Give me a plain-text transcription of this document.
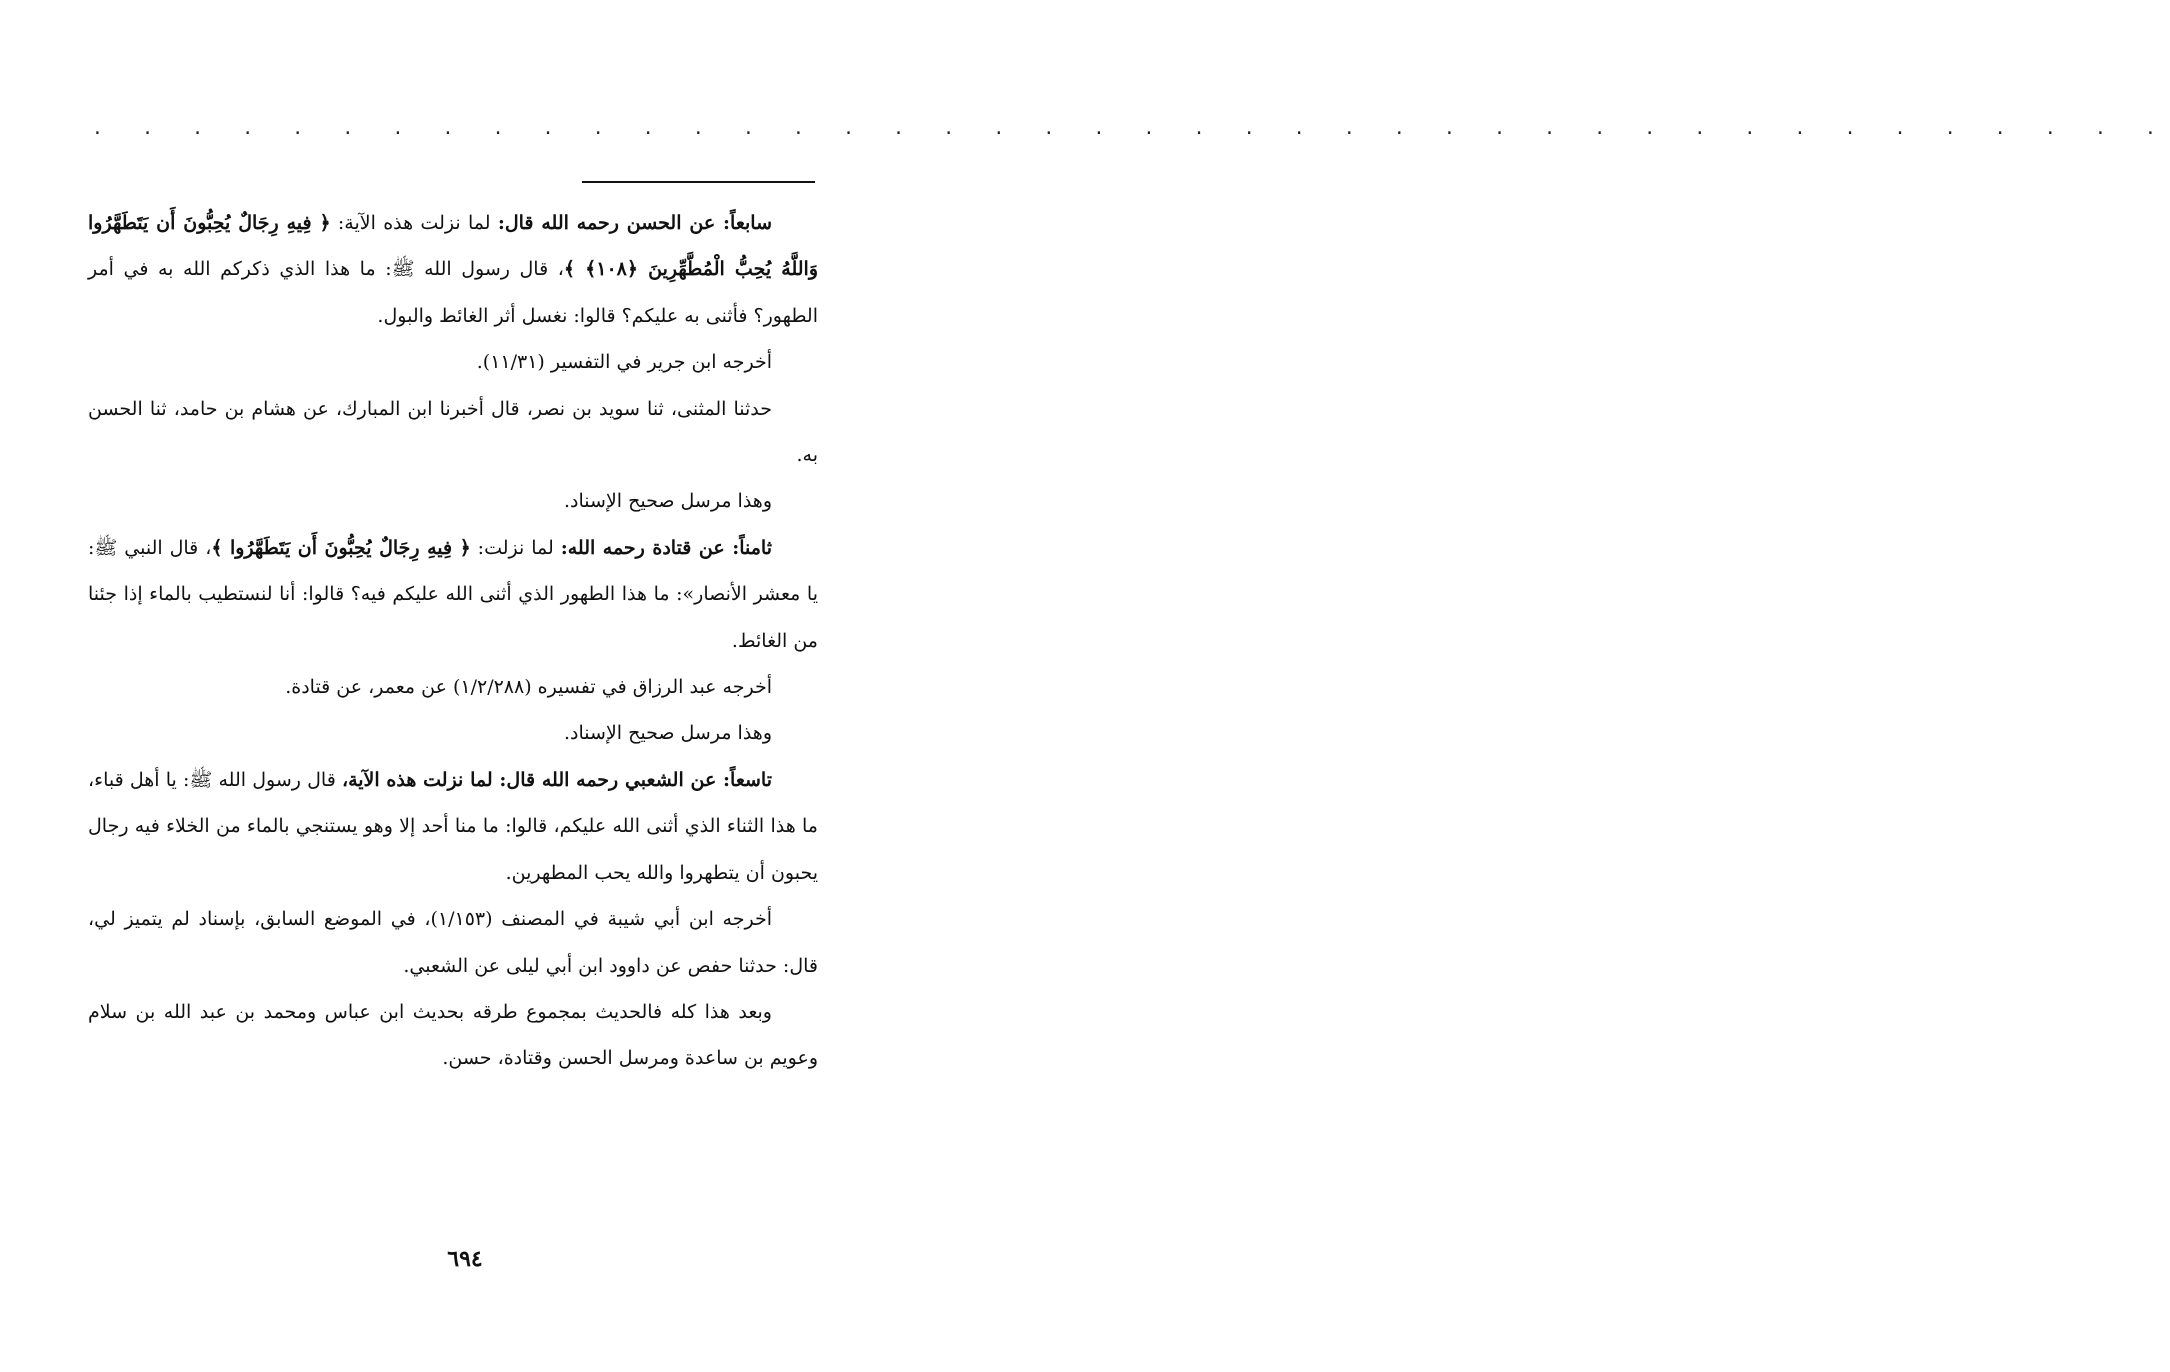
. . . . . . . . . . . . . . . . . . . . . . . . . . . . . . . . . . . . . . . . . .

سابعاً: عن الحسن رحمه الله قال: لما نزلت هذه الآية: ﴿ فِيهِ رِجَالٌ يُحِبُّونَ أَن يَتَطَهَّرُوا وَاللَّهُ يُحِبُّ الْمُطَّهِّرِينَ ﴿١٠٨﴾ ﴾، قال رسول الله ﷺ: ما هذا الذي ذكركم الله به في أمر الطهور؟ فأثنى به عليكم؟ قالوا: نغسل أثر الغائط والبول.

أخرجه ابن جرير في التفسير (١١/٣١).

حدثنا المثنى، ثنا سويد بن نصر، قال أخبرنا ابن المبارك، عن هشام بن حامد، ثنا الحسن به.

وهذا مرسل صحيح الإسناد.

ثامناً: عن قتادة رحمه الله: لما نزلت: ﴿ فِيهِ رِجَالٌ يُحِبُّونَ أَن يَتَطَهَّرُوا ﴾، قال النبي ﷺ: يا معشر الأنصار»: ما هذا الطهور الذي أثنى الله عليكم فيه؟ قالوا: أنا لنستطيب بالماء إذا جئنا من الغائط.

أخرجه عبد الرزاق في تفسيره (١/٢/٢٨٨) عن معمر، عن قتادة.

وهذا مرسل صحيح الإسناد.

تاسعاً: عن الشعبي رحمه الله قال: لما نزلت هذه الآية، قال رسول الله ﷺ: يا أهل قباء، ما هذا الثناء الذي أثنى الله عليكم، قالوا: ما منا أحد إلا وهو يستنجي بالماء من الخلاء فيه رجال يحبون أن يتطهروا والله يحب المطهرين.

أخرجه ابن أبي شيبة في المصنف (١/١٥٣)، في الموضع السابق، بإسناد لم يتميز لي، قال: حدثنا حفص عن داوود ابن أبي ليلى عن الشعبي.

وبعد هذا كله فالحديث بمجموع طرقه بحديث ابن عباس ومحمد بن عبد الله بن سلام وعويم بن ساعدة ومرسل الحسن وقتادة، حسن.

٦٩٤
